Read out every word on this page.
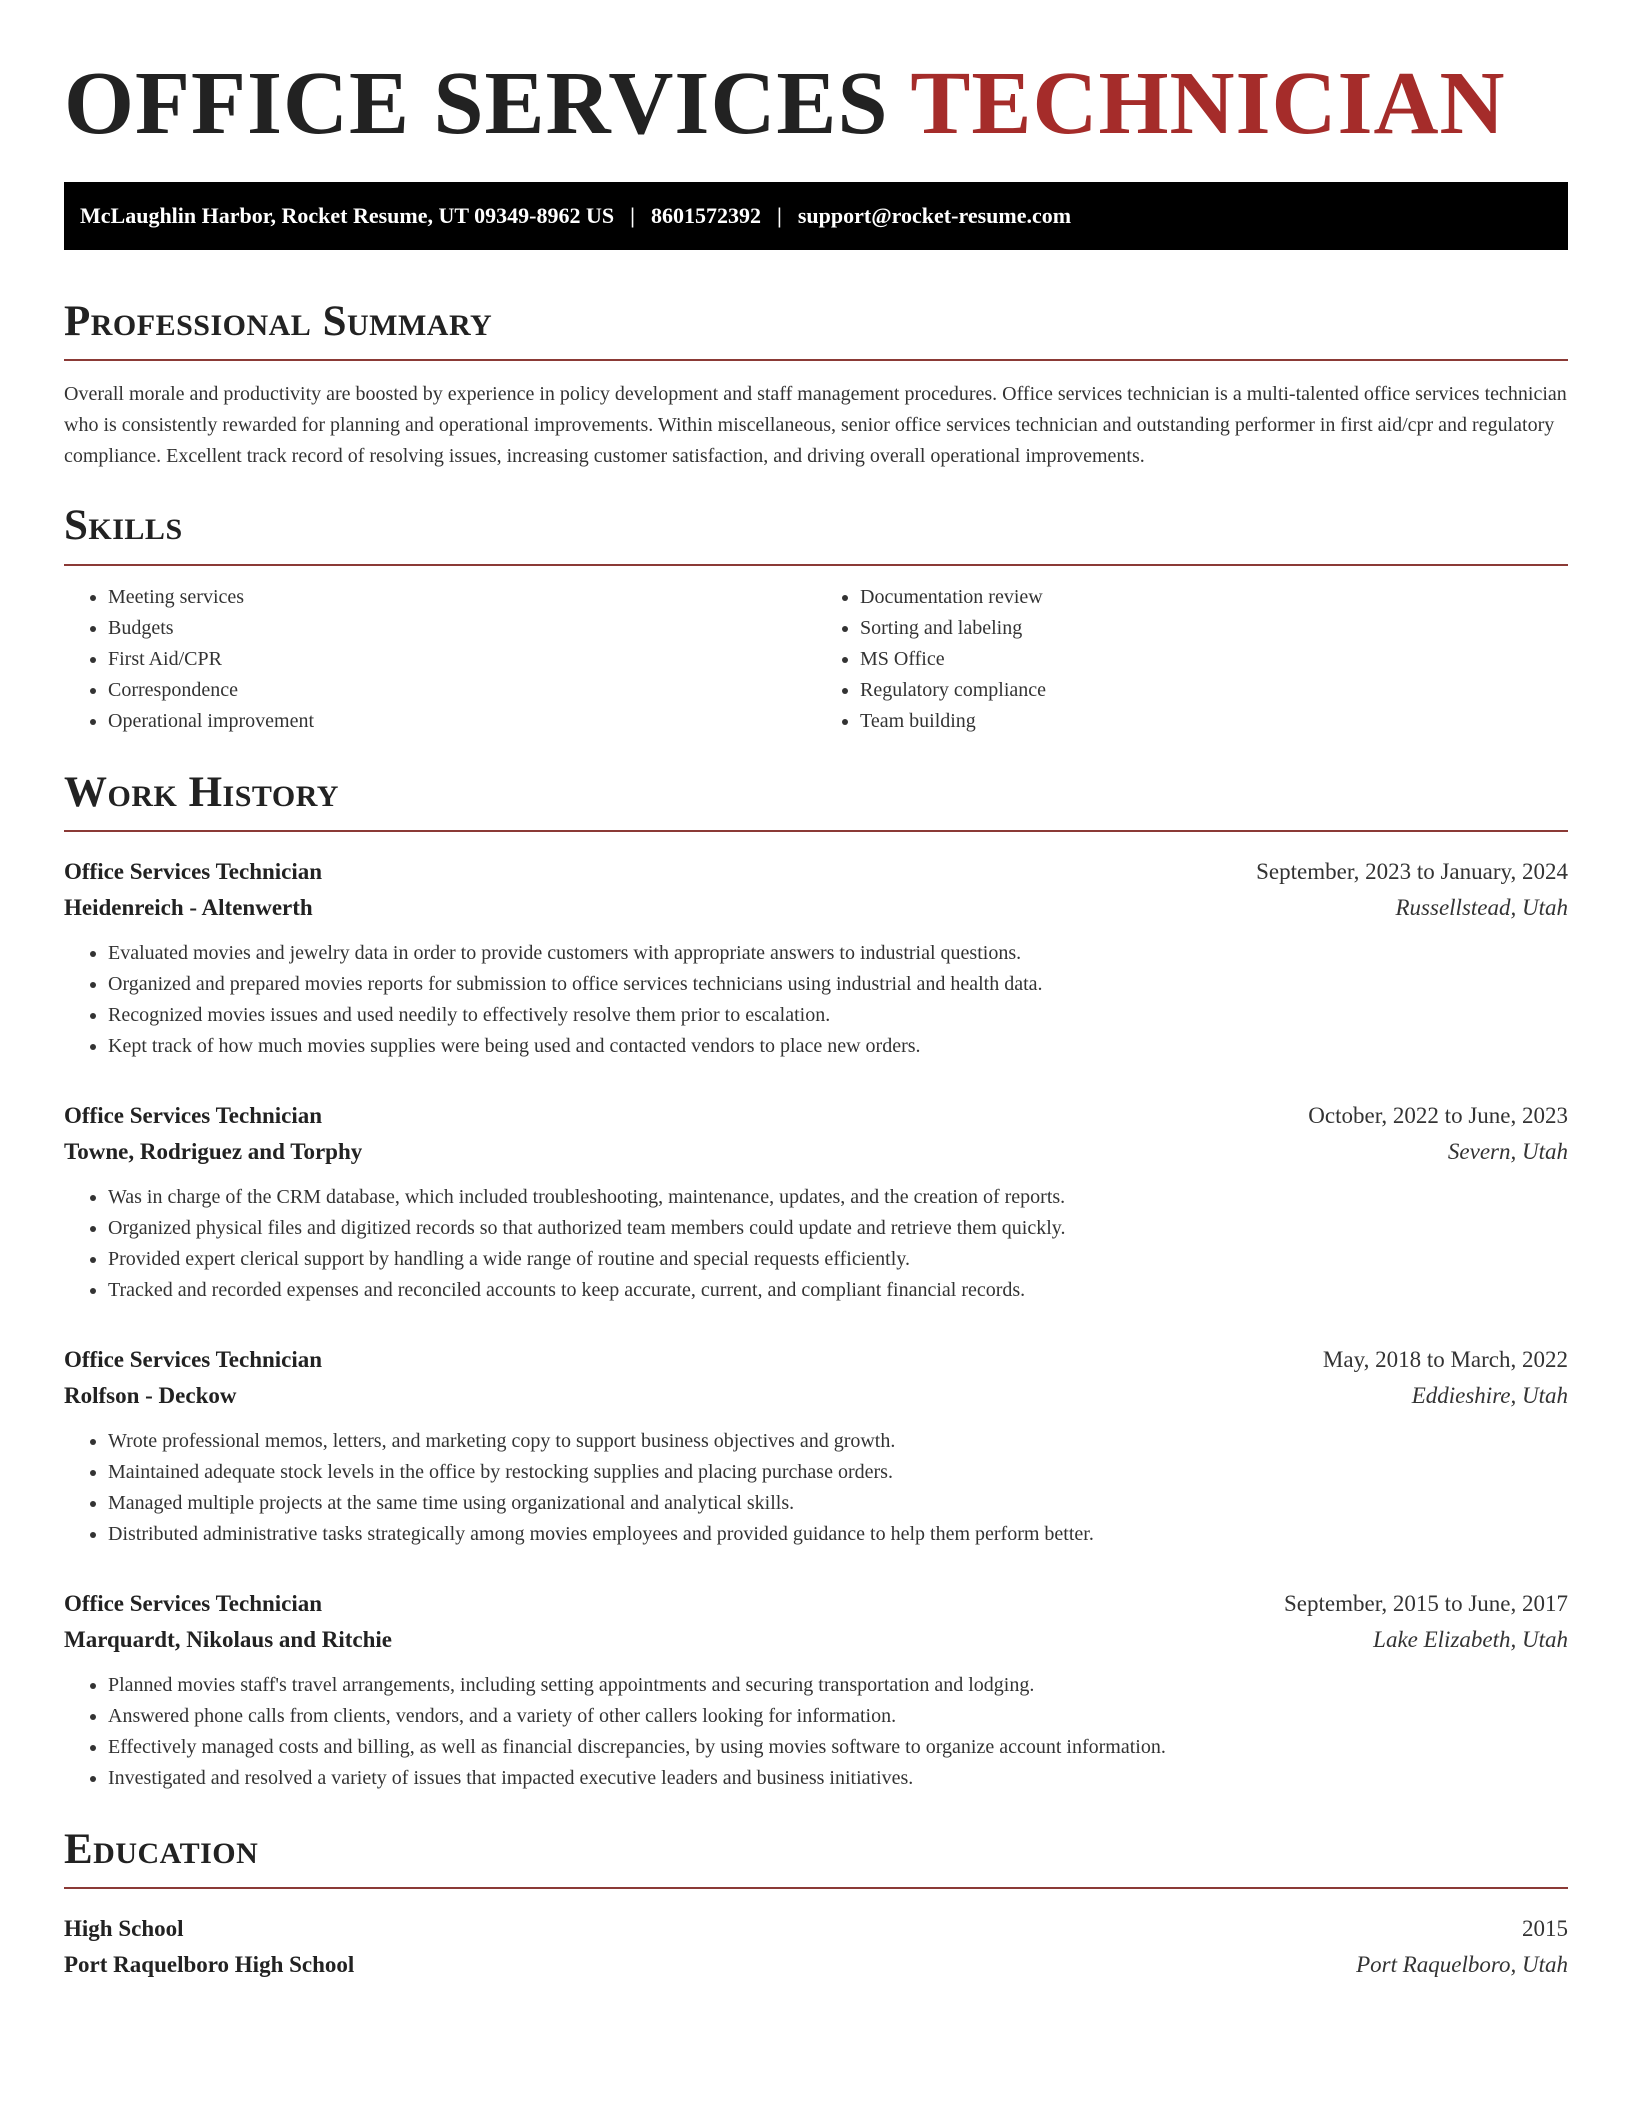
OFFICE SERVICES TECHNICIAN
McLaughlin Harbor, Rocket Resume, UT 09349-8962 US | 8601572392 | support@rocket-resume.com
Professional Summary

Overall morale and productivity are boosted by experience in policy development and staff management procedures. Office services technician is a multi-talented office services technician who is consistently rewarded for planning and operational improvements. Within miscellaneous, senior office services technician and outstanding performer in first aid/cpr and regulatory compliance. Excellent track record of resolving issues, increasing customer satisfaction, and driving overall operational improvements.

Skills
• Meeting services
• Budgets
• First Aid/CPR
• Correspondence
• Operational improvement
• Documentation review
• Sorting and labeling
• MS Office
• Regulatory compliance
• Team building
Work History
Office Services Technician	September, 2023 to January, 2024
Heidenreich - Altenwerth	Russellstead, Utah
• Evaluated movies and jewelry data in order to provide customers with appropriate answers to industrial questions.
• Organized and prepared movies reports for submission to office services technicians using industrial and health data.
• Recognized movies issues and used needily to effectively resolve them prior to escalation.
• Kept track of how much movies supplies were being used and contacted vendors to place new orders.
Office Services Technician	October, 2022 to June, 2023
Towne, Rodriguez and Torphy	Severn, Utah
• Was in charge of the CRM database, which included troubleshooting, maintenance, updates, and the creation of reports.
• Organized physical files and digitized records so that authorized team members could update and retrieve them quickly.
• Provided expert clerical support by handling a wide range of routine and special requests efficiently.
• Tracked and recorded expenses and reconciled accounts to keep accurate, current, and compliant financial records.
Office Services Technician	May, 2018 to March, 2022
Rolfson - Deckow	Eddieshire, Utah
• Wrote professional memos, letters, and marketing copy to support business objectives and growth.
• Maintained adequate stock levels in the office by restocking supplies and placing purchase orders.
• Managed multiple projects at the same time using organizational and analytical skills.
• Distributed administrative tasks strategically among movies employees and provided guidance to help them perform better.
Office Services Technician	September, 2015 to June, 2017
Marquardt, Nikolaus and Ritchie	Lake Elizabeth, Utah
• Planned movies staff's travel arrangements, including setting appointments and securing transportation and lodging.
• Answered phone calls from clients, vendors, and a variety of other callers looking for information.
• Effectively managed costs and billing, as well as financial discrepancies, by using movies software to organize account information.
• Investigated and resolved a variety of issues that impacted executive leaders and business initiatives.
Education
High School	2015
Port Raquelboro High School	Port Raquelboro, Utah
